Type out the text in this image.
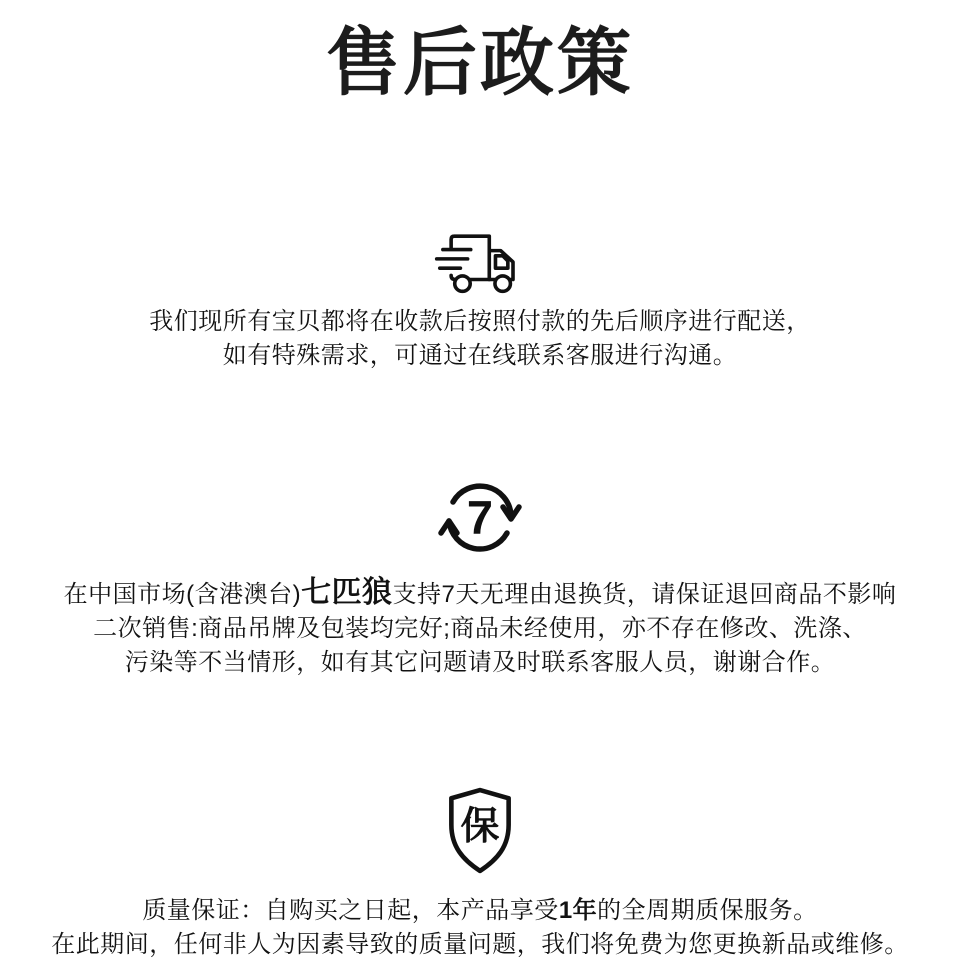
售后政策

我们现所有宝贝都将在收款后按照付款的先后顺序进行配送，
如有特殊需求，可通过在线联系客服进行沟通。

7

在中国市场(含港澳台)七匹狼支持7天无理由退换货，请保证退回商品不影响
二次销售:商品吊牌及包装均完好;商品未经使用，亦不存在修改、洗涤、
污染等不当情形，如有其它问题请及时联系客服人员，谢谢合作。

保

质量保证：自购买之日起，本产品享受1年的全周期质保服务。
在此期间，任何非人为因素导致的质量问题，我们将免费为您更换新品或维修。
